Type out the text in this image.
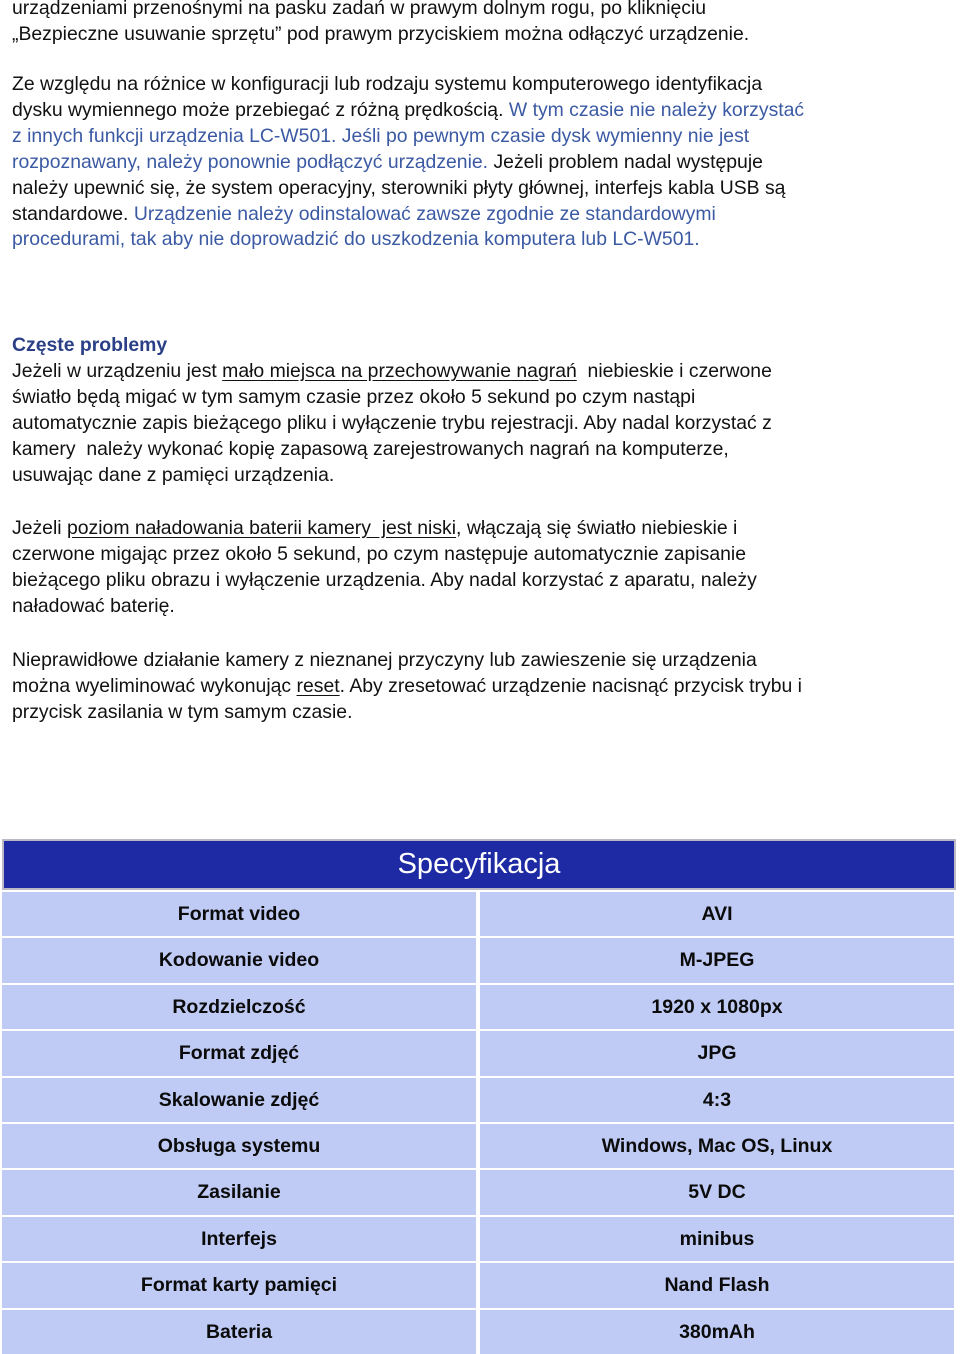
urządzeniami przenośnymi na pasku zadań w prawym dolnym rogu, po kliknięciu
„Bezpieczne usuwanie sprzętu” pod prawym przyciskiem można odłączyć urządzenie.
Ze względu na różnice w konfiguracji lub rodzaju systemu komputerowego identyfikacja
dysku wymiennego może przebiegać z różną prędkością. W tym czasie nie należy korzystać
z innych funkcji urządzenia LC-W501. Jeśli po pewnym czasie dysk wymienny nie jest
rozpoznawany, należy ponownie podłączyć urządzenie. Jeżeli problem nadal występuje
należy upewnić się, że system operacyjny, sterowniki płyty głównej, interfejs kabla USB są
standardowe. Urządzenie należy odinstalować zawsze zgodnie ze standardowymi
procedurami, tak aby nie doprowadzić do uszkodzenia komputera lub LC-W501.
Częste problemy
Jeżeli w urządzeniu jest mało miejsca na przechowywanie nagrań  niebieskie i czerwone
światło będą migać w tym samym czasie przez około 5 sekund po czym nastąpi
automatycznie zapis bieżącego pliku i wyłączenie trybu rejestracji. Aby nadal korzystać z
kamery  należy wykonać kopię zapasową zarejestrowanych nagrań na komputerze,
usuwając dane z pamięci urządzenia.
Jeżeli poziom naładowania baterii kamery  jest niski, włączają się światło niebieskie i
czerwone migając przez około 5 sekund, po czym następuje automatycznie zapisanie
bieżącego pliku obrazu i wyłączenie urządzenia. Aby nadal korzystać z aparatu, należy
naładować baterię.
Nieprawidłowe działanie kamery z nieznanej przyczyny lub zawieszenie się urządzenia
można wyeliminować wykonując reset. Aby zresetować urządzenie nacisnąć przycisk trybu i
przycisk zasilania w tym samym czasie.
Specyfikacja
Format video	AVI
Kodowanie video	M-JPEG
Rozdzielczość	1920 x 1080px
Format zdjęć	JPG
Skalowanie zdjęć	4:3
Obsługa systemu	Windows, Mac OS, Linux
Zasilanie	5V DC
Interfejs	minibus
Format karty pamięci	Nand Flash
Bateria	380mAh
